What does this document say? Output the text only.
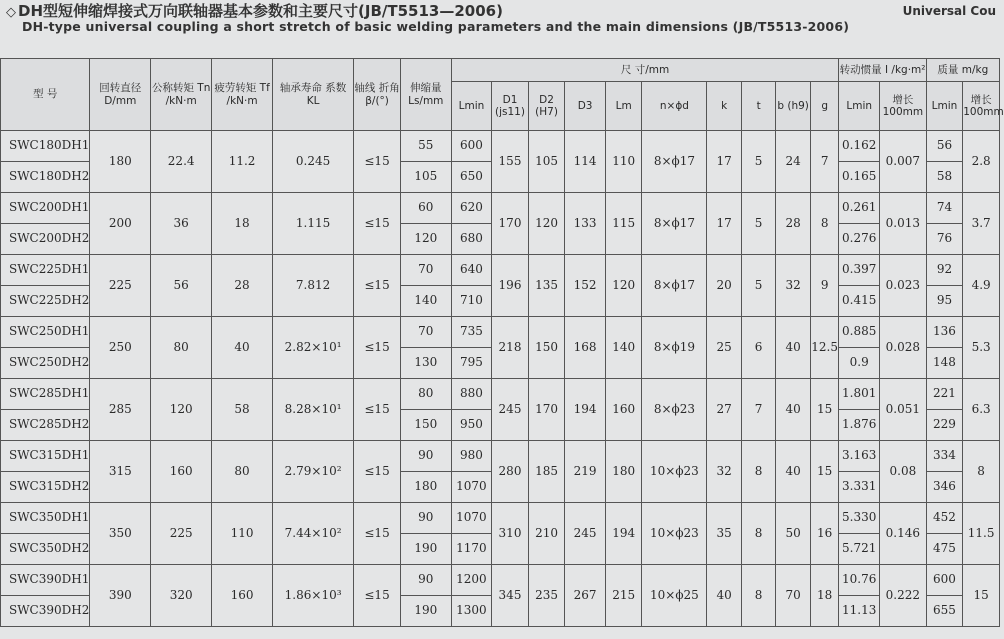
◇ DH型短伸缩焊接式万向联轴器基本参数和主要尺寸(JB/T5513—2006)
DH-type universal coupling a short stretch of basic welding parameters and the main dimensions (JB/T5513-2006)
Universal Cou
型 号	回转直径 D/mm	公称转矩 Tn /kN·m	疲劳转矩 Tf /kN·m	轴承寿命 系数 KL	轴线 折角 β/(°)	伸缩量 Ls/mm	尺 寸/mm										转动惯量 I /kg·m²		质量 m/kg	
							Lmin	D1 (js11)	D2 (H7)	D3	Lm	n×ϕd	k	t	b (h9)	g	Lmin	增长 100mm	Lmin	增长 100mm
SWC180DH1	180	22.4	11.2	0.245	≤15	55	600	155	105	114	110	8×ϕ17	17	5	24	7	0.162	0.007	56	2.8
SWC180DH2						105	650										0.165		58	
SWC200DH1	200	36	18	1.115	≤15	60	620	170	120	133	115	8×ϕ17	17	5	28	8	0.261	0.013	74	3.7
SWC200DH2						120	680										0.276		76	
SWC225DH1	225	56	28	7.812	≤15	70	640	196	135	152	120	8×ϕ17	20	5	32	9	0.397	0.023	92	4.9
SWC225DH2						140	710										0.415		95	
SWC250DH1	250	80	40	2.82×10¹	≤15	70	735	218	150	168	140	8×ϕ19	25	6	40	12.5	0.885	0.028	136	5.3
SWC250DH2						130	795										0.9		148	
SWC285DH1	285	120	58	8.28×10¹	≤15	80	880	245	170	194	160	8×ϕ23	27	7	40	15	1.801	0.051	221	6.3
SWC285DH2						150	950										1.876		229	
SWC315DH1	315	160	80	2.79×10²	≤15	90	980	280	185	219	180	10×ϕ23	32	8	40	15	3.163	0.08	334	8
SWC315DH2						180	1070										3.331		346	
SWC350DH1	350	225	110	7.44×10²	≤15	90	1070	310	210	245	194	10×ϕ23	35	8	50	16	5.330	0.146	452	11.5
SWC350DH2						190	1170										5.721		475	
SWC390DH1	390	320	160	1.86×10³	≤15	90	1200	345	235	267	215	10×ϕ25	40	8	70	18	10.76	0.222	600	15
SWC390DH2						190	1300										11.13		655	
